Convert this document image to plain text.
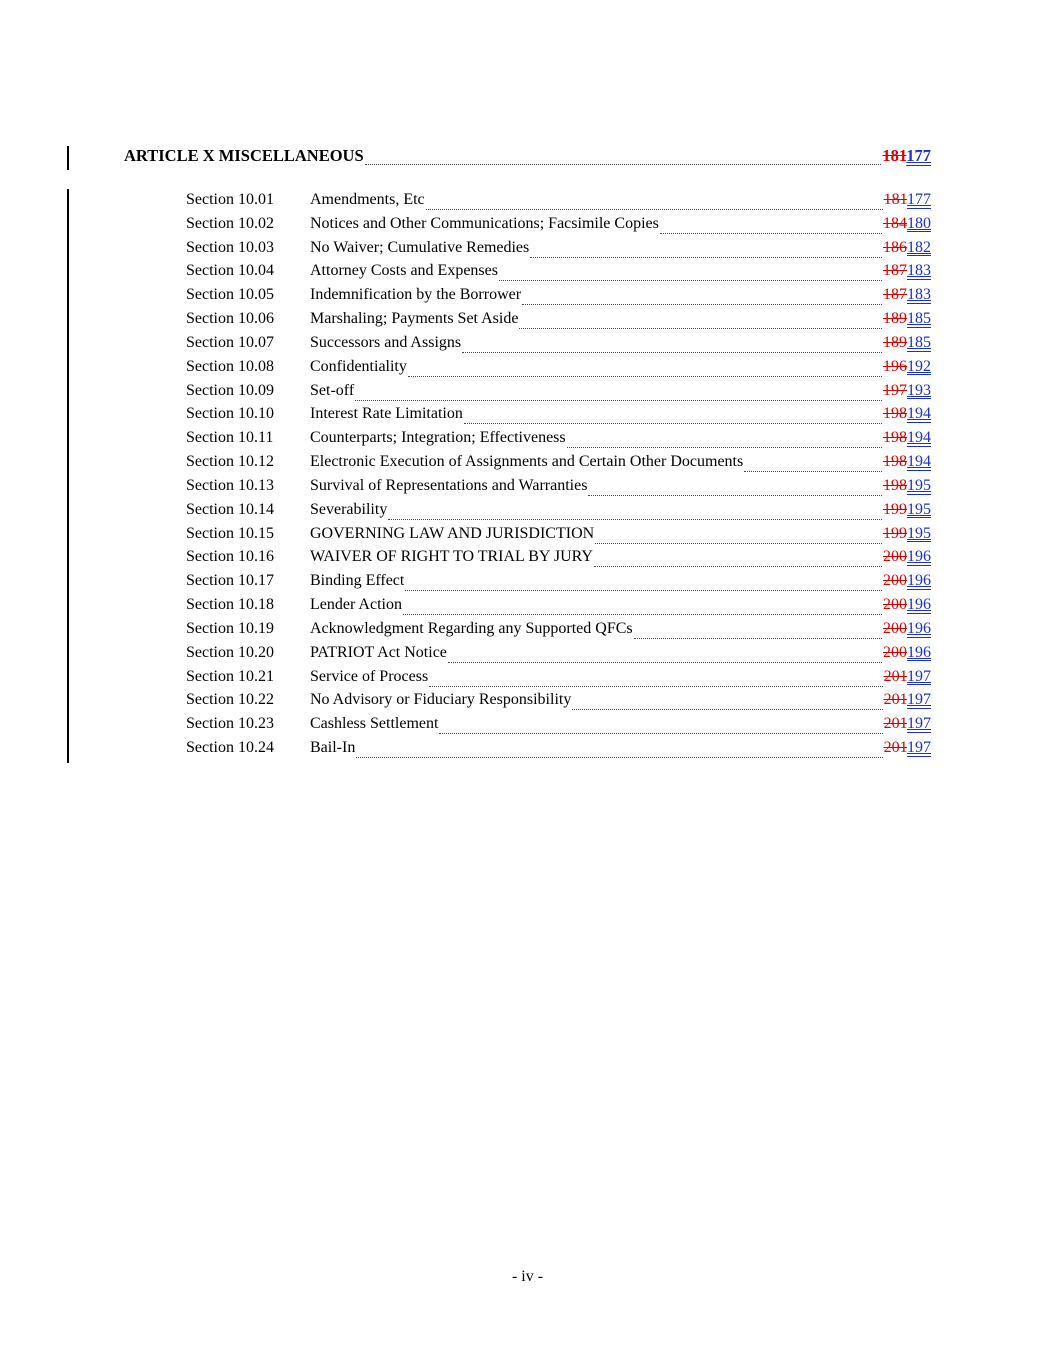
ARTICLE X MISCELLANEOUS	181177
Section 10.01	Amendments, Etc	181177
Section 10.02	Notices and Other Communications; Facsimile Copies	184180
Section 10.03	No Waiver; Cumulative Remedies	186182
Section 10.04	Attorney Costs and Expenses	187183
Section 10.05	Indemnification by the Borrower	187183
Section 10.06	Marshaling; Payments Set Aside	189185
Section 10.07	Successors and Assigns	189185
Section 10.08	Confidentiality	196192
Section 10.09	Set-off	197193
Section 10.10	Interest Rate Limitation	198194
Section 10.11	Counterparts; Integration; Effectiveness	198194
Section 10.12	Electronic Execution of Assignments and Certain Other Documents	198194
Section 10.13	Survival of Representations and Warranties	198195
Section 10.14	Severability	199195
Section 10.15	GOVERNING LAW AND JURISDICTION	199195
Section 10.16	WAIVER OF RIGHT TO TRIAL BY JURY	200196
Section 10.17	Binding Effect	200196
Section 10.18	Lender Action	200196
Section 10.19	Acknowledgment Regarding any Supported QFCs	200196
Section 10.20	PATRIOT Act Notice	200196
Section 10.21	Service of Process	201197
Section 10.22	No Advisory or Fiduciary Responsibility	201197
Section 10.23	Cashless Settlement	201197
Section 10.24	Bail-In	201197
- iv -
